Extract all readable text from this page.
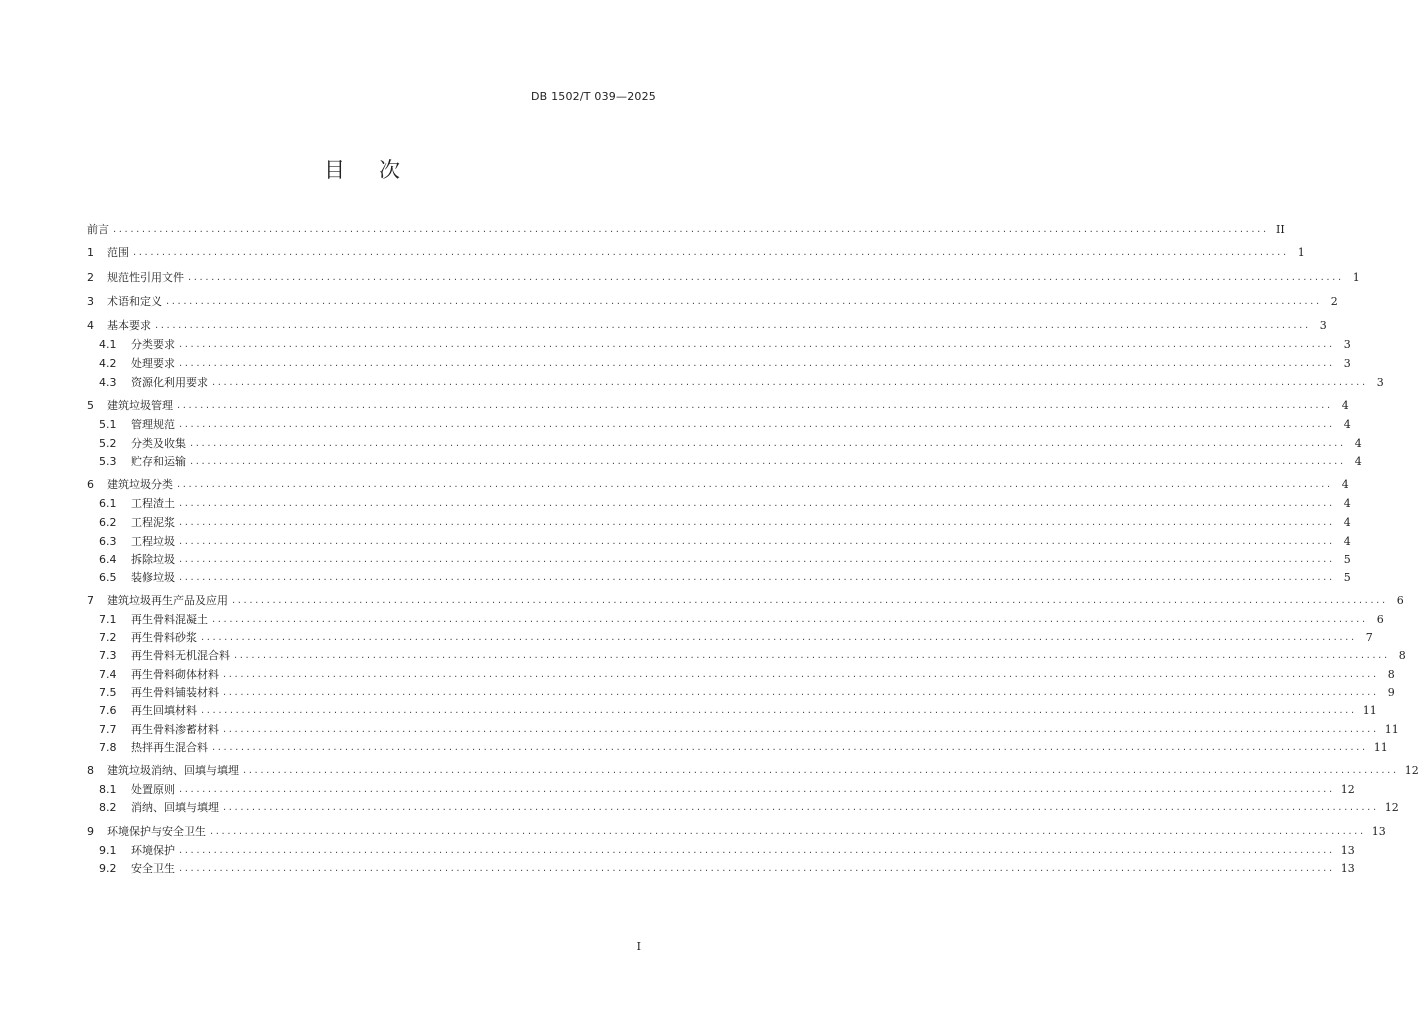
DB 1502/T 039—2025
目次
前言 ........................................................................................................................................................................................................ II
1	范围 ........................................................................................................................................................................................................ 1
2	规范性引用文件 ........................................................................................................................................................................................................ 1
3	术语和定义 ........................................................................................................................................................................................................ 2
4	基本要求 ........................................................................................................................................................................................................ 3
4.1	分类要求 ........................................................................................................................................................................................................ 3
4.2	处理要求 ........................................................................................................................................................................................................ 3
4.3	资源化利用要求 ........................................................................................................................................................................................................ 3
5	建筑垃圾管理 ........................................................................................................................................................................................................ 4
5.1	管理规范 ........................................................................................................................................................................................................ 4
5.2	分类及收集 ........................................................................................................................................................................................................ 4
5.3	贮存和运输 ........................................................................................................................................................................................................ 4
6	建筑垃圾分类 ........................................................................................................................................................................................................ 4
6.1	工程渣土 ........................................................................................................................................................................................................ 4
6.2	工程泥浆 ........................................................................................................................................................................................................ 4
6.3	工程垃圾 ........................................................................................................................................................................................................ 4
6.4	拆除垃圾 ........................................................................................................................................................................................................ 5
6.5	装修垃圾 ........................................................................................................................................................................................................ 5
7	建筑垃圾再生产品及应用 ........................................................................................................................................................................................................ 6
7.1	再生骨料混凝土 ........................................................................................................................................................................................................ 6
7.2	再生骨料砂浆 ........................................................................................................................................................................................................ 7
7.3	再生骨料无机混合料 ........................................................................................................................................................................................................ 8
7.4	再生骨料砌体材料 ........................................................................................................................................................................................................ 8
7.5	再生骨料铺装材料 ........................................................................................................................................................................................................ 9
7.6	再生回填材料 ........................................................................................................................................................................................................ 11
7.7	再生骨料渗蓄材料 ........................................................................................................................................................................................................ 11
7.8	热拌再生混合料 ........................................................................................................................................................................................................ 11
8	建筑垃圾消纳、回填与填埋 ........................................................................................................................................................................................................ 12
8.1	处置原则 ........................................................................................................................................................................................................ 12
8.2	消纳、回填与填埋 ........................................................................................................................................................................................................ 12
9	环境保护与安全卫生 ........................................................................................................................................................................................................ 13
9.1	环境保护 ........................................................................................................................................................................................................ 13
9.2	安全卫生 ........................................................................................................................................................................................................ 13
I
